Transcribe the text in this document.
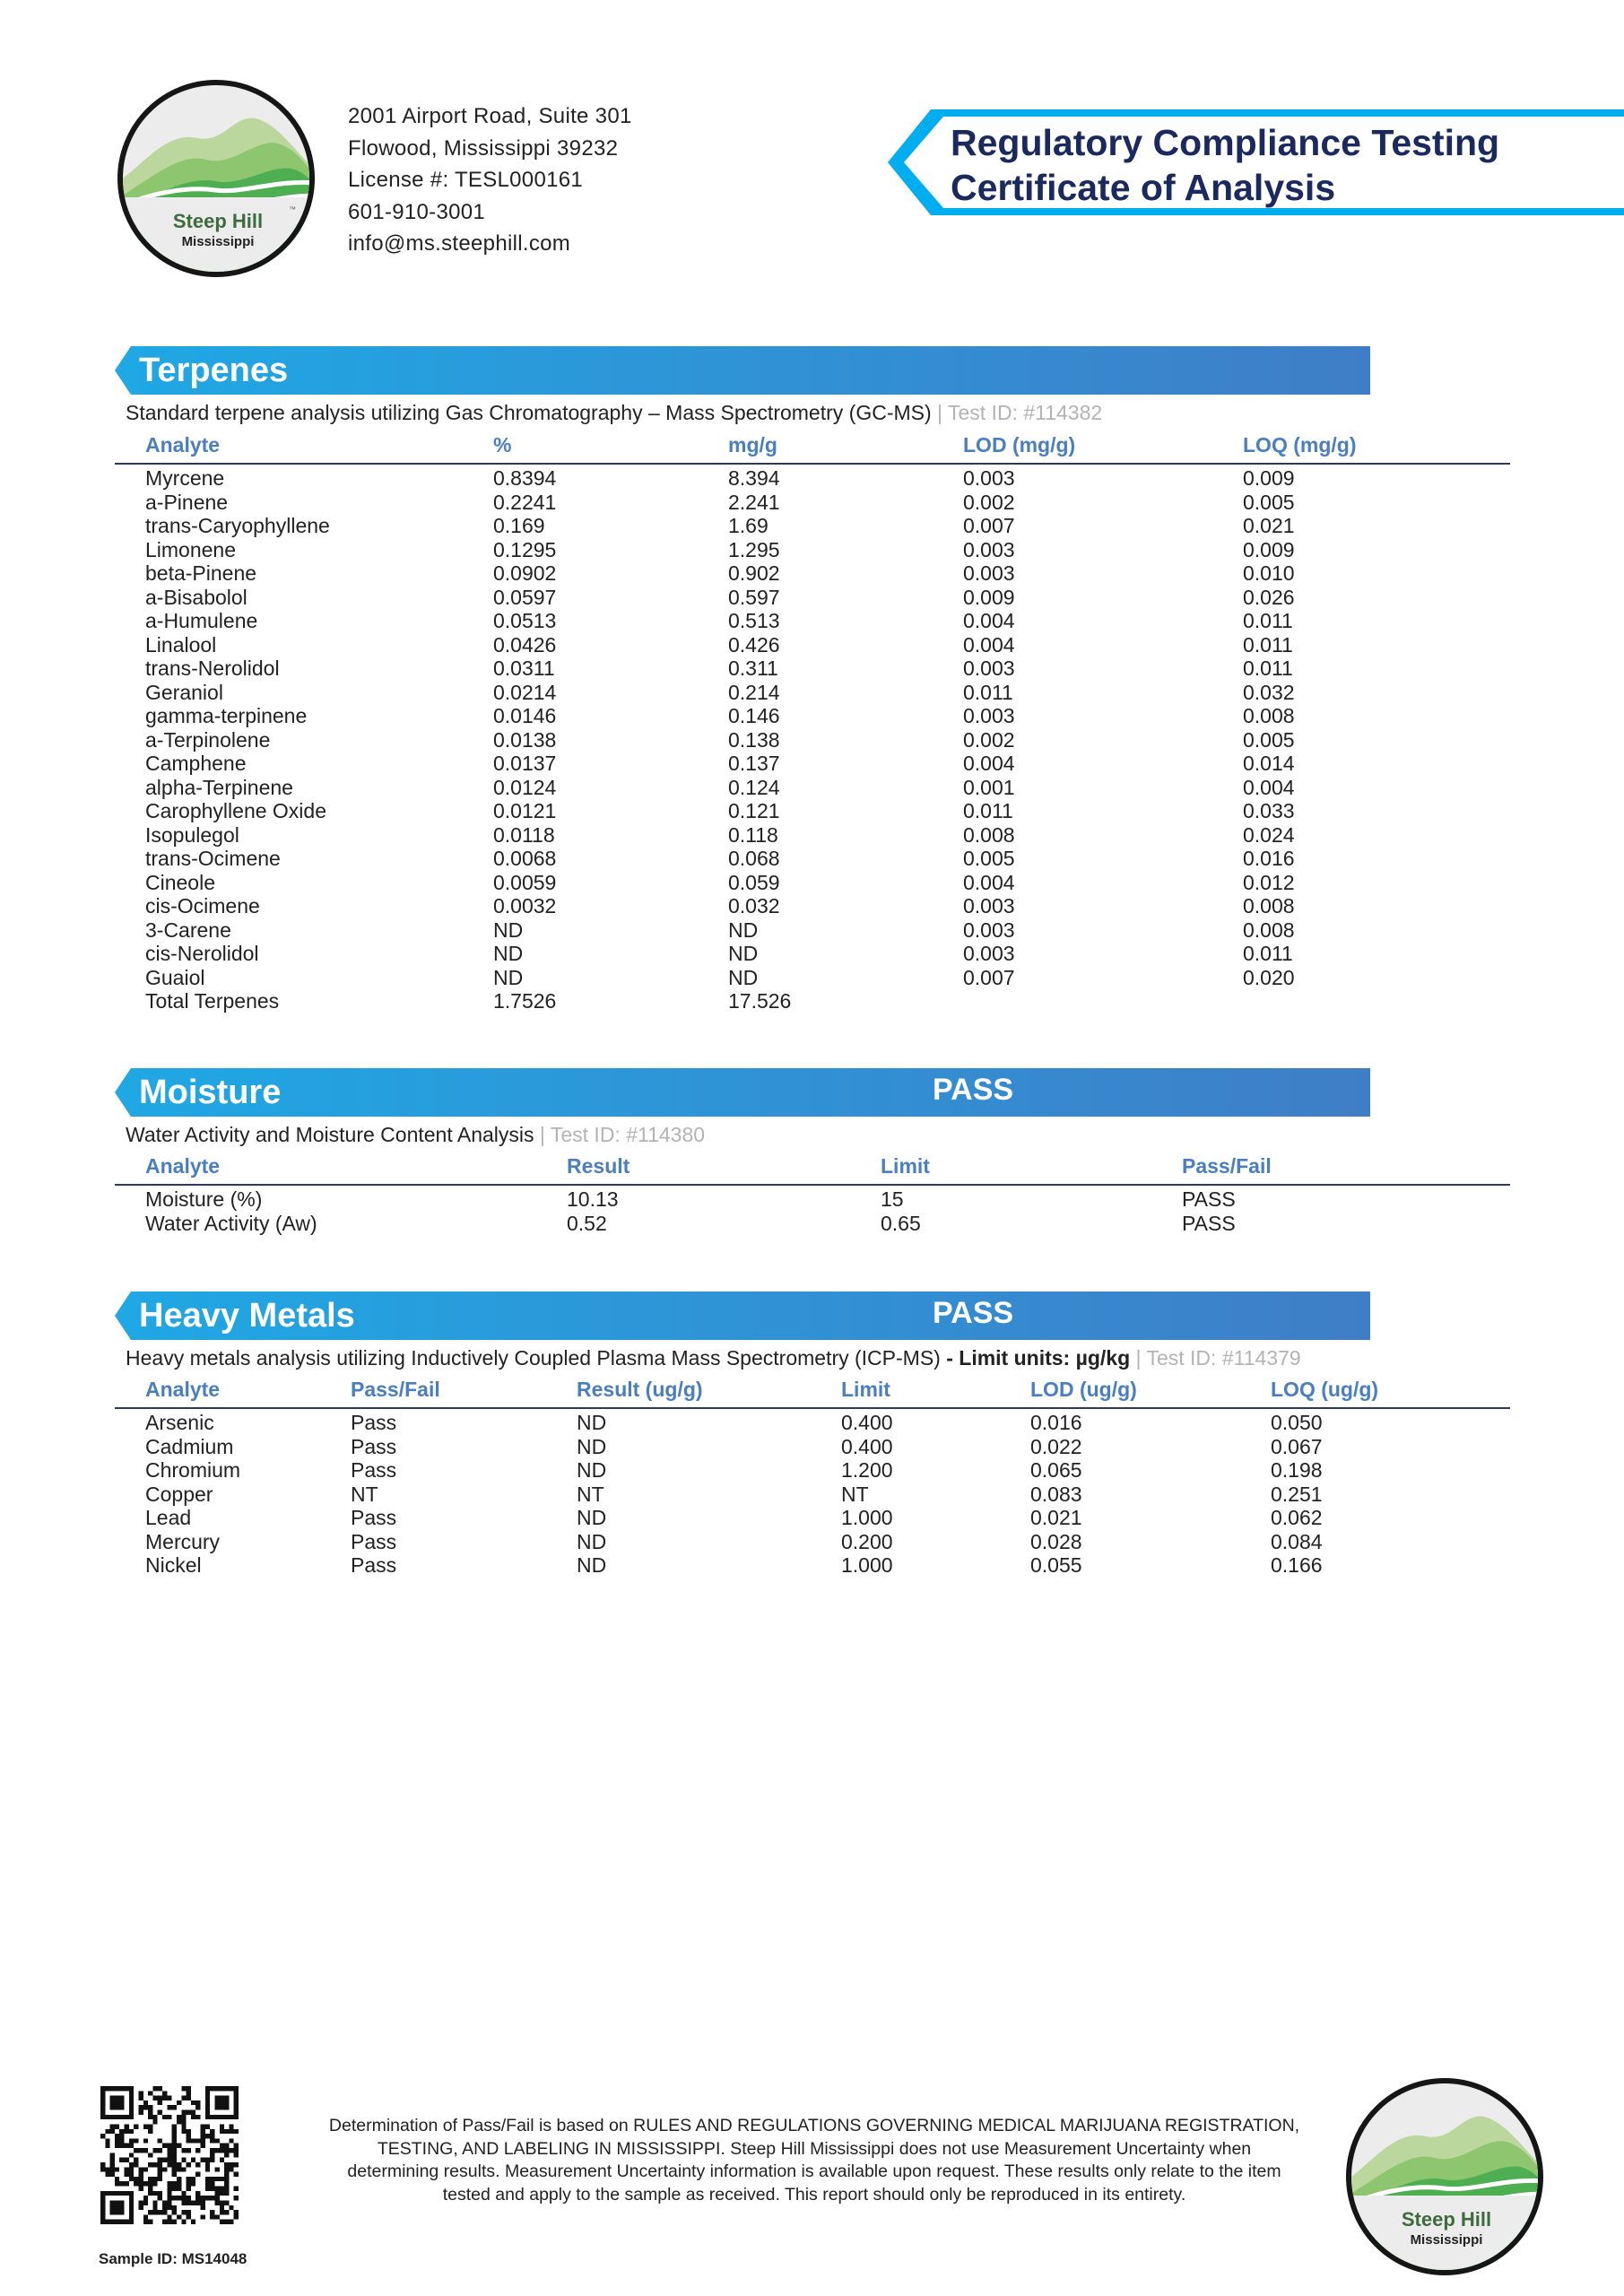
Steep Hill
Mississippi
™
2001 Airport Road, Suite 301
Flowood, Mississippi 39232
License #: TESL000161
601-910-3001
info@ms.steephill.com
Regulatory Compliance Testing
Certificate of Analysis
Terpenes
Standard terpene analysis utilizing Gas Chromatography – Mass Spectrometry (GC-MS) | Test ID: #114382
Analyte	%	mg/g	LOD (mg/g)	LOQ (mg/g)
Myrcene	0.8394	8.394	0.003	0.009
a-Pinene	0.2241	2.241	0.002	0.005
trans-Caryophyllene	0.169	1.69	0.007	0.021
Limonene	0.1295	1.295	0.003	0.009
beta-Pinene	0.0902	0.902	0.003	0.010
a-Bisabolol	0.0597	0.597	0.009	0.026
a-Humulene	0.0513	0.513	0.004	0.011
Linalool	0.0426	0.426	0.004	0.011
trans-Nerolidol	0.0311	0.311	0.003	0.011
Geraniol	0.0214	0.214	0.011	0.032
gamma-terpinene	0.0146	0.146	0.003	0.008
a-Terpinolene	0.0138	0.138	0.002	0.005
Camphene	0.0137	0.137	0.004	0.014
alpha-Terpinene	0.0124	0.124	0.001	0.004
Carophyllene Oxide	0.0121	0.121	0.011	0.033
Isopulegol	0.0118	0.118	0.008	0.024
trans-Ocimene	0.0068	0.068	0.005	0.016
Cineole	0.0059	0.059	0.004	0.012
cis-Ocimene	0.0032	0.032	0.003	0.008
3-Carene	ND	ND	0.003	0.008
cis-Nerolidol	ND	ND	0.003	0.011
Guaiol	ND	ND	0.007	0.020
Total Terpenes	1.7526	17.526		
Moisture	PASS
Water Activity and Moisture Content Analysis | Test ID: #114380
Analyte	Result	Limit	Pass/Fail
Moisture (%)	10.13	15	PASS
Water Activity (Aw)	0.52	0.65	PASS
Heavy Metals	PASS
Heavy metals analysis utilizing Inductively Coupled Plasma Mass Spectrometry (ICP-MS) - Limit units: µg/kg | Test ID: #114379
Analyte	Pass/Fail	Result (ug/g)	Limit	LOD (ug/g)	LOQ (ug/g)
Arsenic	Pass	ND	0.400	0.016	0.050
Cadmium	Pass	ND	0.400	0.022	0.067
Chromium	Pass	ND	1.200	0.065	0.198
Copper	NT	NT	NT	0.083	0.251
Lead	Pass	ND	1.000	0.021	0.062
Mercury	Pass	ND	0.200	0.028	0.084
Nickel	Pass	ND	1.000	0.055	0.166
Sample ID: MS14048
Determination of Pass/Fail is based on RULES AND REGULATIONS GOVERNING MEDICAL MARIJUANA REGISTRATION,
TESTING, AND LABELING IN MISSISSIPPI. Steep Hill Mississippi does not use Measurement Uncertainty when
determining results. Measurement Uncertainty information is available upon request. These results only relate to the item
tested and apply to the sample as received. This report should only be reproduced in its entirety.
Steep Hill
Mississippi
